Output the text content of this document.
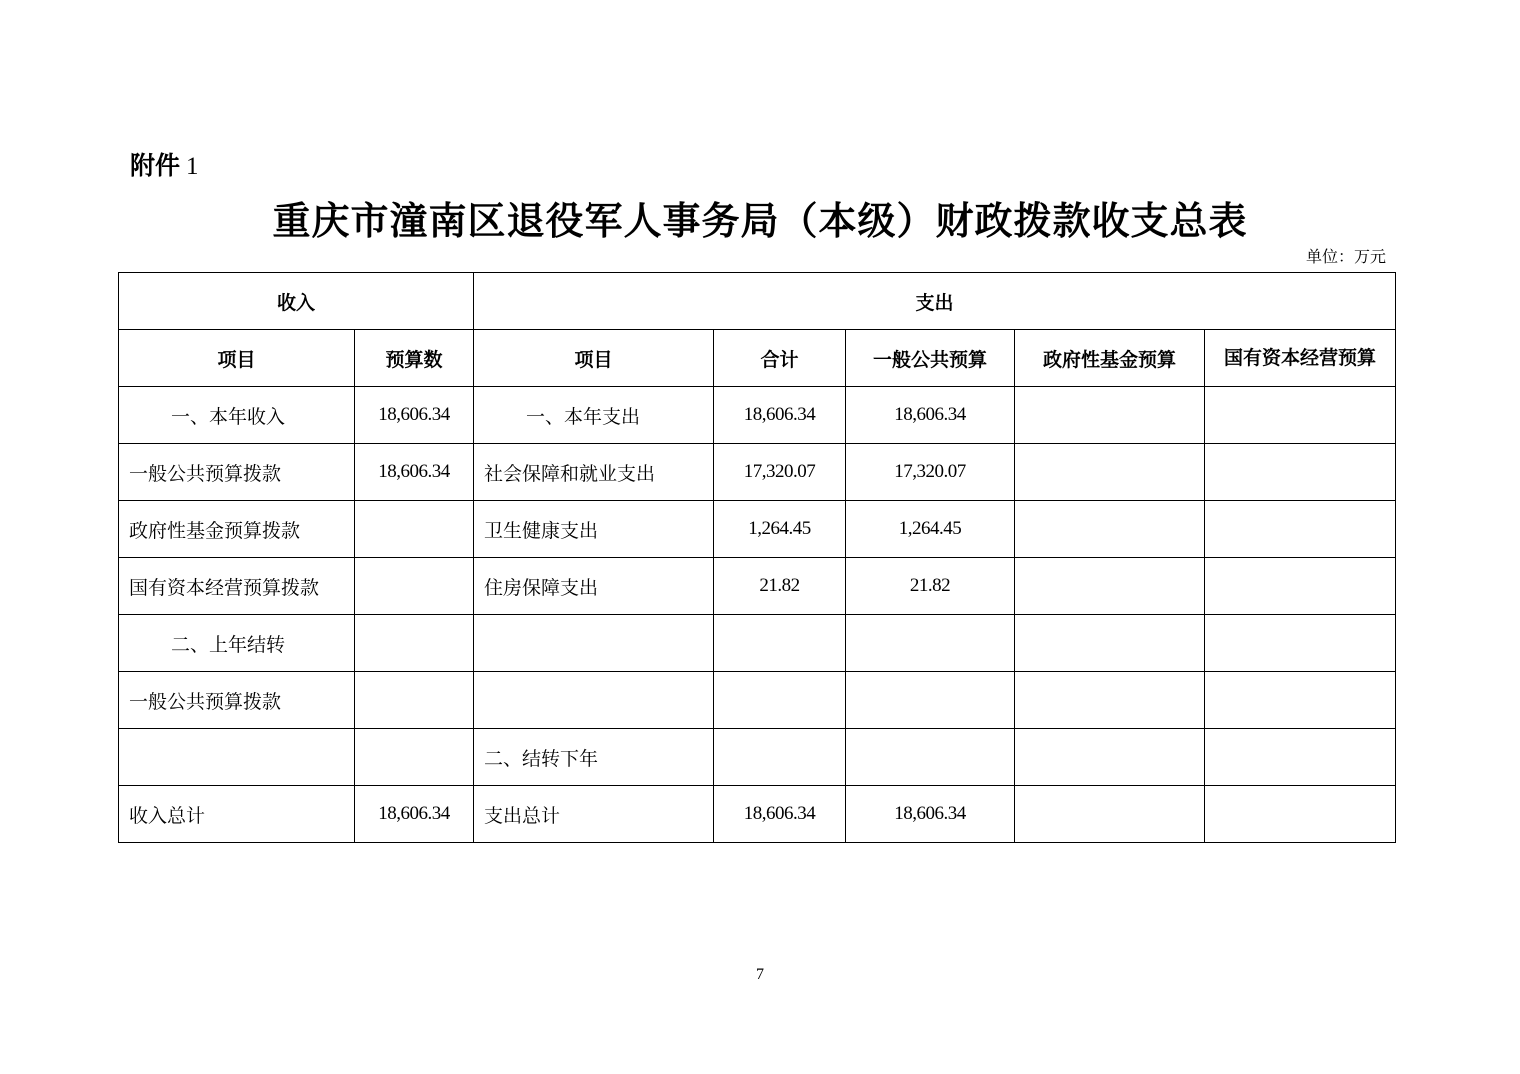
附件 1
重庆市潼南区退役军人事务局（本级）财政拨款收支总表
单位：万元
收入		支出				
项目	预算数	项目	合计	一般公共预算	政府性基金预算	国有资本经营预算
一、本年收入	18,606.34	一、本年支出	18,606.34	18,606.34		
一般公共预算拨款	18,606.34	社会保障和就业支出	17,320.07	17,320.07		
政府性基金预算拨款		卫生健康支出	1,264.45	1,264.45		
国有资本经营预算拨款		住房保障支出	21.82	21.82		
二、上年结转						
一般公共预算拨款						
		二、结转下年				
收入总计	18,606.34	支出总计	18,606.34	18,606.34		
7
